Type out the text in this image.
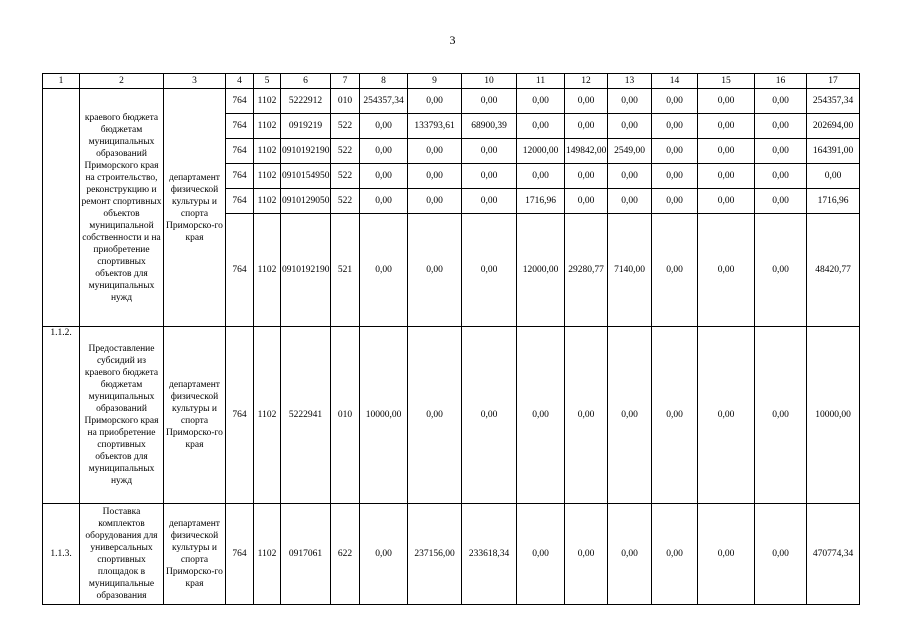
3
1	2	3	4	5	6	7	8	9	10	11	12	13	14	15	16	17
	краевого бюджета бюджетам муниципальных образований Приморского края на строительство, реконструкцию и ремонт спортивных объектов муниципальной собственности и на приобретение спортивных объектов для муниципальных нужд	департамент физической культуры и спорта Приморско-го края	764	1102	5222912	010	254357,34	0,00	0,00	0,00	0,00	0,00	0,00	0,00	0,00	254357,34
			764	1102	0919219	522	0,00	133793,61	68900,39	0,00	0,00	0,00	0,00	0,00	0,00	202694,00
			764	1102	0910192190	522	0,00	0,00	0,00	12000,00	149842,00	2549,00	0,00	0,00	0,00	164391,00
			764	1102	0910154950	522	0,00	0,00	0,00	0,00	0,00	0,00	0,00	0,00	0,00	0,00
			764	1102	0910129050	522	0,00	0,00	0,00	1716,96	0,00	0,00	0,00	0,00	0,00	1716,96
			764	1102	0910192190	521	0,00	0,00	0,00	12000,00	29280,77	7140,00	0,00	0,00	0,00	48420,77
1.1.2.	Предоставление субсидий из краевого бюджета бюджетам муниципальных образований Приморского края на приобретение спортивных объектов для муниципальных нужд	департамент физической культуры и спорта Приморско-го края	764	1102	5222941	010	10000,00	0,00	0,00	0,00	0,00	0,00	0,00	0,00	0,00	10000,00
1.1.3.	Поставка комплектов оборудования для универсальных спортивных площадок в муниципальные образования	департамент физической культуры и спорта Приморско-го края	764	1102	0917061	622	0,00	237156,00	233618,34	0,00	0,00	0,00	0,00	0,00	0,00	470774,34
